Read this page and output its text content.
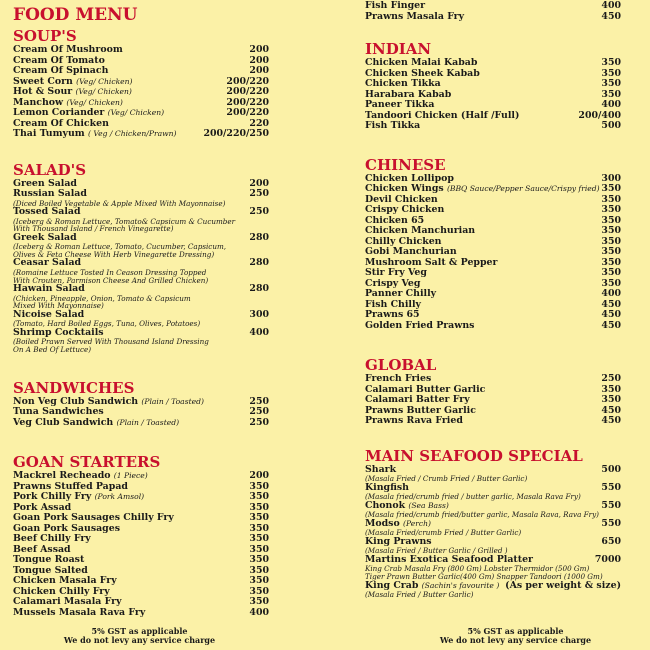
FOOD MENU
SOUP'S
Cream Of Mushroom	200
Cream Of Tomato	200
Cream Of Spinach	200
Sweet Corn (Veg/ Chicken)	200/220
Hot & Sour (Veg/ Chicken)	200/220
Manchow (Veg/ Chicken)	200/220
Lemon Coriander (Veg/ Chicken)	200/220
Cream Of Chicken	220
Thai Tumyum ( Veg / Chicken/Prawn)	200/220/250
SALAD'S
Green Salad	200
Russian Salad	250
(Diced Boiled Vegetable & Apple Mixed With Mayonnaise)
Tossed Salad	250
(Iceberg & Roman Lettuce, Tomato& Capsicum & Cucumber
With Thousand Island / French Vinegarette)
Greek Salad	280
(Iceberg & Roman Lettuce, Tomato, Cucumber, Capsicum,
Olives & Feta Cheese With Herb Vinegarette Dressing)
Ceasar Salad	280
(Romaine Lettuce Tosted In Ceason Dressing Topped
With Crouten, Parmison Cheese And Grilled Chicken)
Hawain Salad	280
(Chicken, Pineapple, Onion, Tomato & Capsicum
Mixed With Mayonnaise)
Nicoise Salad	300
(Tomato, Hard Boiled Eggs, Tuna, Olives, Potatoes)
Shrimp Cocktails	400
(Boiled Prawn Served With Thousand Island Dressing
On A Bed Of Lettuce)
SANDWICHES
Non Veg Club Sandwich (Plain / Toasted)	250
Tuna Sandwiches	250
Veg Club Sandwich (Plain / Toasted)	250
GOAN STARTERS
Mackrel Recheado (1 Piece)	200
Prawns Stuffed Papad	350
Pork Chilly Fry (Pork Amsol)	350
Pork Assad	350
Goan Pork Sausages Chilly Fry	350
Goan Pork Sausages	350
Beef Chilly Fry	350
Beef Assad	350
Tongue Roast	350
Tongue Salted	350
Chicken Masala Fry	350
Chicken Chilly Fry	350
Calamari Masala Fry	350
Mussels Masala Rava Fry	400
Fish Finger	400
Prawns Masala Fry	450
INDIAN
Chicken Malai Kabab	350
Chicken Sheek Kabab	350
Chicken Tikka	350
Harabara Kabab	350
Paneer Tikka	400
Tandoori Chicken (Half /Full)	200/400
Fish Tikka	500
CHINESE
Chicken Lollipop	300
Chicken Wings (BBQ Sauce/Pepper Sauce/Crispy fried) 350
Devil Chicken	350
Crispy Chicken	350
Chicken 65	350
Chicken Manchurian	350
Chilly Chicken	350
Gobi Manchurian	350
Mushroom Salt & Pepper	350
Stir Fry Veg	350
Crispy Veg	350
Panner Chilly	400
Fish Chilly	450
Prawns 65	450
Golden Fried Prawns	450
GLOBAL
French Fries	250
Calamari Butter Garlic	350
Calamari Batter Fry	350
Prawns Butter Garlic	450
Prawns Rava Fried	450
MAIN SEAFOOD SPECIAL
Shark	500
(Masala Fried / Crumb Fried / Butter Garlic)
Kingfish	550
(Masala fried/crumb fried / butter garlic, Masala Rava Fry)
Chonok (Sea Bass)	550
(Masala fried/crumb fried/butter garlic, Masala Rava, Rava Fry)
Modso (Perch)	550
(Masala Fried/crumb Fried / Butter Garlic)
King Prawns	650
(Masala Fried / Butter Garlic / Grilled )
Martins Exotica Seafood Platter	7000
King Crab Masala Fry (800 Gm) Lobster Thermidor (500 Gm)
Tiger Prawn Butter Garlic(400 Gm) Snapper Tandoori (1000 Gm)
King Crab (Sachin's favourite ) (As per weight & size)
(Masala Fried / Butter Garlic)
5% GST as applicable
We do not levy any service charge
5% GST as applicable
We do not levy any service charge
